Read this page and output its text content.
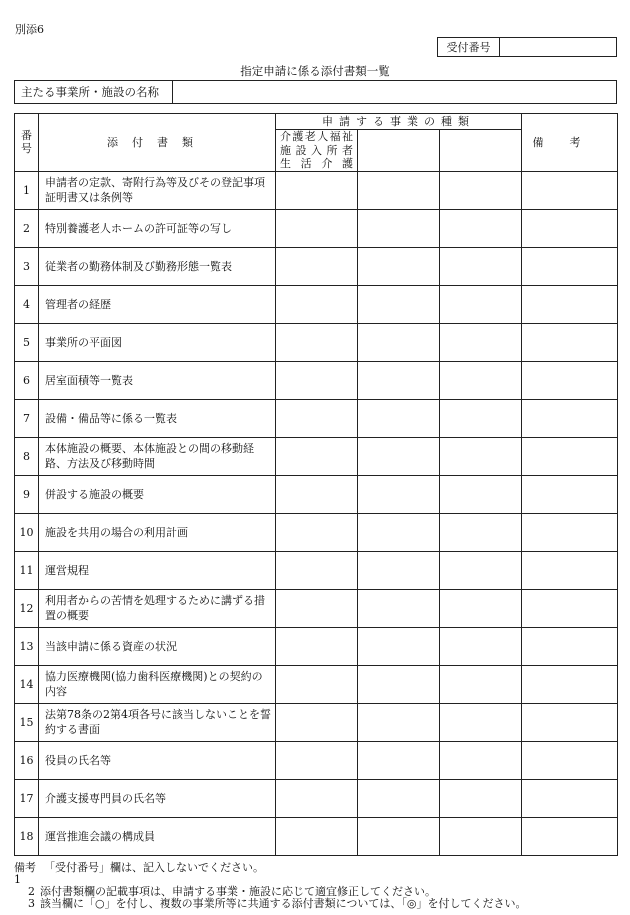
別添6
受付番号
指定申請に係る添付書類一覧
主たる事業所・施設の名称
番
号	添付書類	申請する事業の種類			備考

		介護老人福祉
施設入所者
生活介護			

1	申請者の定款、寄附行為等及びその登記事項証明書又は条例等				
2	特別養護老人ホームの許可証等の写し				
3	従業者の勤務体制及び勤務形態一覧表				
4	管理者の経歴				
5	事業所の平面図				
6	居室面積等一覧表				
7	設備・備品等に係る一覧表				
8	本体施設の概要、本体施設との間の移動経路、方法及び移動時間				
9	併設する施設の概要				
10	施設を共用の場合の利用計画				
11	運営規程				
12	利用者からの苦情を処理するために講ずる措置の概要				
13	当該申請に係る資産の状況				
14	協力医療機関(協力歯科医療機関)との契約の内容				
15	法第78条の2第4項各号に該当しないことを誓約する書面				
16	役員の氏名等				
17	介護支援専門員の氏名等				
18	運営推進会議の構成員				
備考1
「受付番号」欄は、記入しないでください。
2 添付書類欄の記載事項は、申請する事業・施設に応じて適宜修正してください。
3 該当欄に「○」を付し、複数の事業所等に共通する添付書類については、「◎」を付してください。
